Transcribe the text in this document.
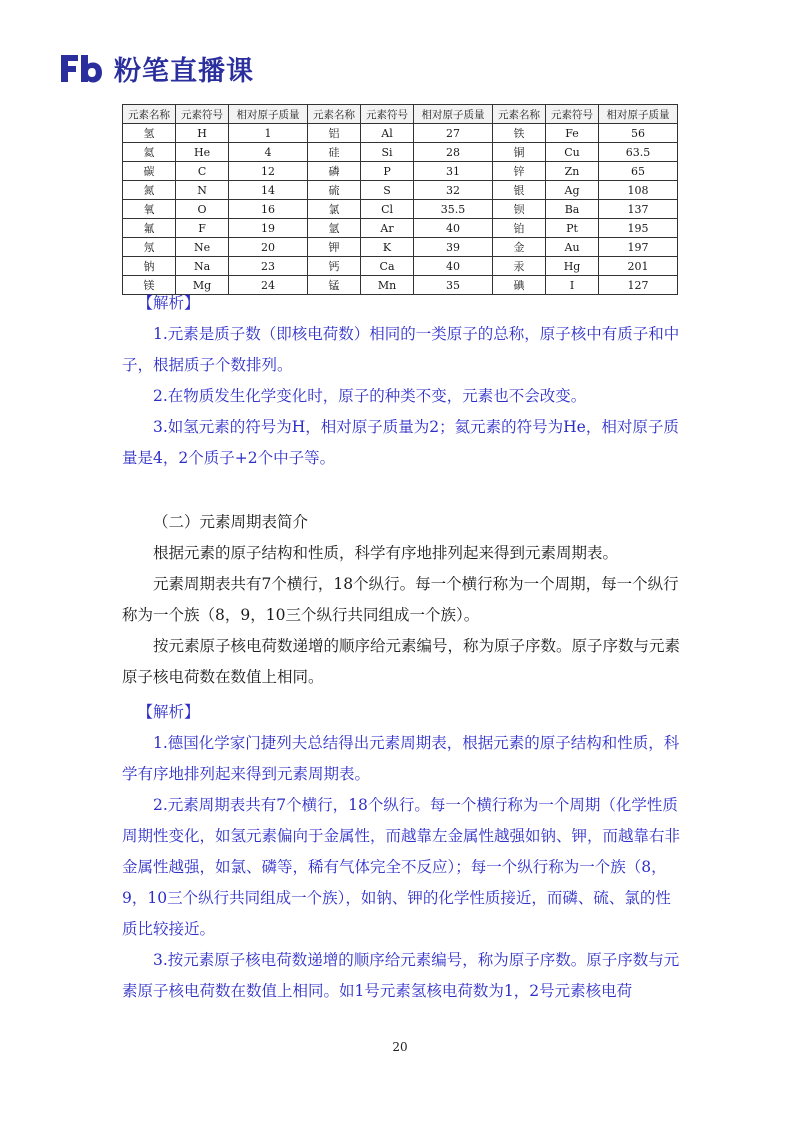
粉笔直播课
元素名称	元素符号	相对原子质量	元素名称	元素符号	相对原子质量	元素名称	元素符号	相对原子质量
氢	H	1	铝	Al	27	铁	Fe	56
氦	He	4	硅	Si	28	铜	Cu	63.5
碳	C	12	磷	P	31	锌	Zn	65
氮	N	14	硫	S	32	银	Ag	108
氧	O	16	氯	Cl	35.5	钡	Ba	137
氟	F	19	氩	Ar	40	铂	Pt	195
氖	Ne	20	钾	K	39	金	Au	197
钠	Na	23	钙	Ca	40	汞	Hg	201
镁	Mg	24	锰	Mn	35	碘	I	127

【解析】

1.元素是质子数（即核电荷数）相同的一类原子的总称，原子核中有质子和中子，根据质子个数排列。

2.在物质发生化学变化时，原子的种类不变，元素也不会改变。

3.如氢元素的符号为H，相对原子质量为2；氦元素的符号为He，相对原子质量是4，2个质子+2个中子等。

（二）元素周期表简介

根据元素的原子结构和性质，科学有序地排列起来得到元素周期表。

元素周期表共有7个横行，18个纵行。每一个横行称为一个周期，每一个纵行称为一个族（8，9，10三个纵行共同组成一个族）。

按元素原子核电荷数递增的顺序给元素编号，称为原子序数。原子序数与元素原子核电荷数在数值上相同。

【解析】

1.德国化学家门捷列夫总结得出元素周期表，根据元素的原子结构和性质，科学有序地排列起来得到元素周期表。

2.元素周期表共有7个横行，18个纵行。每一个横行称为一个周期（化学性质周期性变化，如氢元素偏向于金属性，而越靠左金属性越强如钠、钾，而越靠右非金属性越强，如氯、磷等，稀有气体完全不反应）；每一个纵行称为一个族（8，9，10三个纵行共同组成一个族），如钠、钾的化学性质接近，而磷、硫、氯的性质比较接近。

3.按元素原子核电荷数递增的顺序给元素编号，称为原子序数。原子序数与元素原子核电荷数在数值上相同。如1号元素氢核电荷数为1，2号元素核电荷

20
